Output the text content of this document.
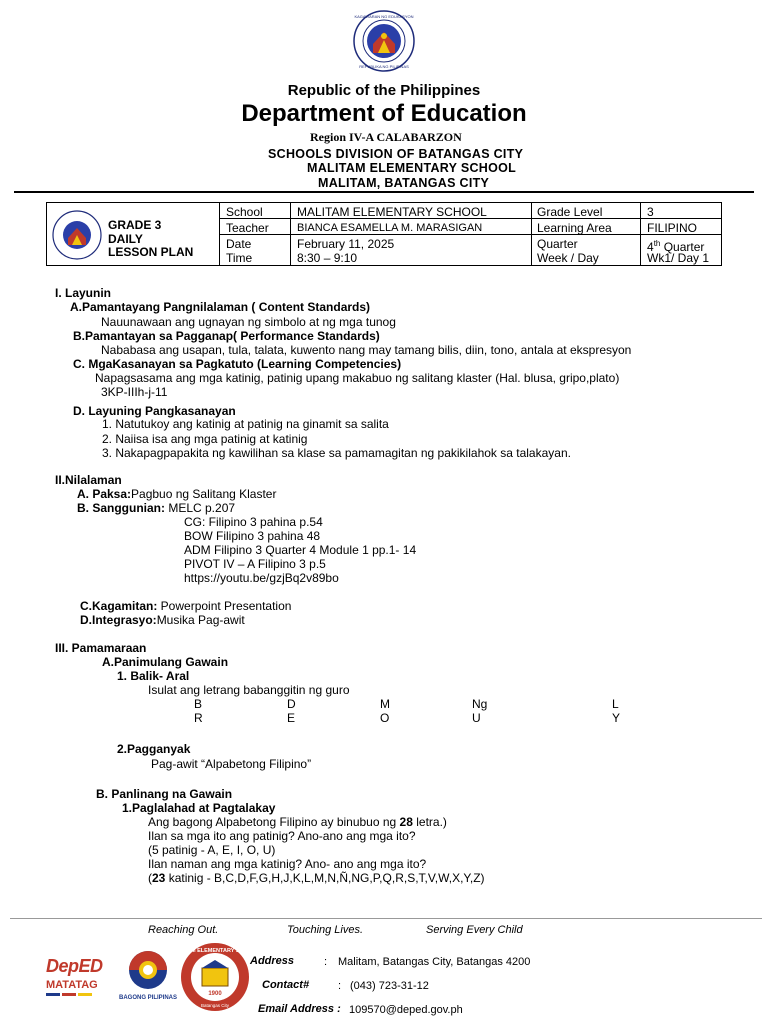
KAGAWARAN NG EDUKASYON
REPUBLIKA NG PILIPINAS
Republic of the Philippines
Department of Education
Region IV-A CALABARZON
SCHOOLS DIVISION OF BATANGAS CITY
MALITAM ELEMENTARY SCHOOL
MALITAM, BATANGAS CITY
GRADE 3
DAILY
LESSON PLAN
School	MALITAM ELEMENTARY SCHOOL	Grade Level	3
Teacher	BIANCA ESAMELLA M. MARASIGAN	Learning Area	FILIPINO
Date	February 11, 2025	Quarter	4th Quarter
Time	8:30 – 9:10	Week / Day	Wk1/ Day 1
I. Layunin
A.Pamantayang Pangnilalaman ( Content Standards)
Nauunawaan ang ugnayan ng simbolo at ng mga tunog
B.Pamantayan sa Pagganap( Performance Standards)
Nababasa ang usapan, tula, talata, kuwento nang may tamang bilis, diin, tono, antala at ekspresyon
C. MgaKasanayan sa Pagkatuto (Learning Competencies)
Napagsasama ang mga katinig, patinig upang makabuo ng salitang klaster (Hal. blusa, gripo,plato)
3KP-IIIh-j-11
D. Layuning Pangkasanayan
1. Natutukoy ang katinig at patinig na ginamit sa salita
2. Naiisa isa ang mga patinig at katinig
3. Nakapagpapakita ng kawilihan sa klase sa pamamagitan ng pakikilahok sa talakayan.
II.Nilalaman
A. Paksa:Pagbuo ng Salitang Klaster
B. Sanggunian: MELC p.207
CG: Filipino 3 pahina p.54
BOW Filipino 3 pahina 48
ADM Filipino 3 Quarter 4 Module 1 pp.1- 14
PIVOT IV – A Filipino 3 p.5
https://youtu.be/gzjBq2v89bo
C.Kagamitan: Powerpoint Presentation
D.Integrasyo:Musika Pag-awit
III. Pamamaraan
A.Panimulang Gawain
1. Balik- Aral
Isulat ang letrang babanggitin ng guro
B	D	M	Ng	L
R	E	O	U	Y
2.Pagganyak
Pag-awit “Alpabetong Filipino”
B. Panlinang na Gawain
1.Paglalahad at Pagtalakay
Ang bagong Alpabetong Filipino ay binubuo ng 28 letra.)
Ilan sa mga ito ang patinig? Ano-ano ang mga ito?
(5 patinig - A, E, I, O, U)
Ilan naman ang mga katinig? Ano- ano ang mga ito?
(23 katinig - B,C,D,F,G,H,J,K,L,M,N,Ñ,NG,P,Q,R,S,T,V,W,X,Y,Z)
Reaching Out.	Touching Lives.	Serving Every Child
DepED
MATATAG
BAGONG PILIPINAS
MALITAM ELEMENTARY SCHOOL
1900
Batangas City
Address	: Malitam, Batangas City, Batangas 4200
Contact#	: (043) 723-31-12
Email Address : 109570@deped.gov.ph
